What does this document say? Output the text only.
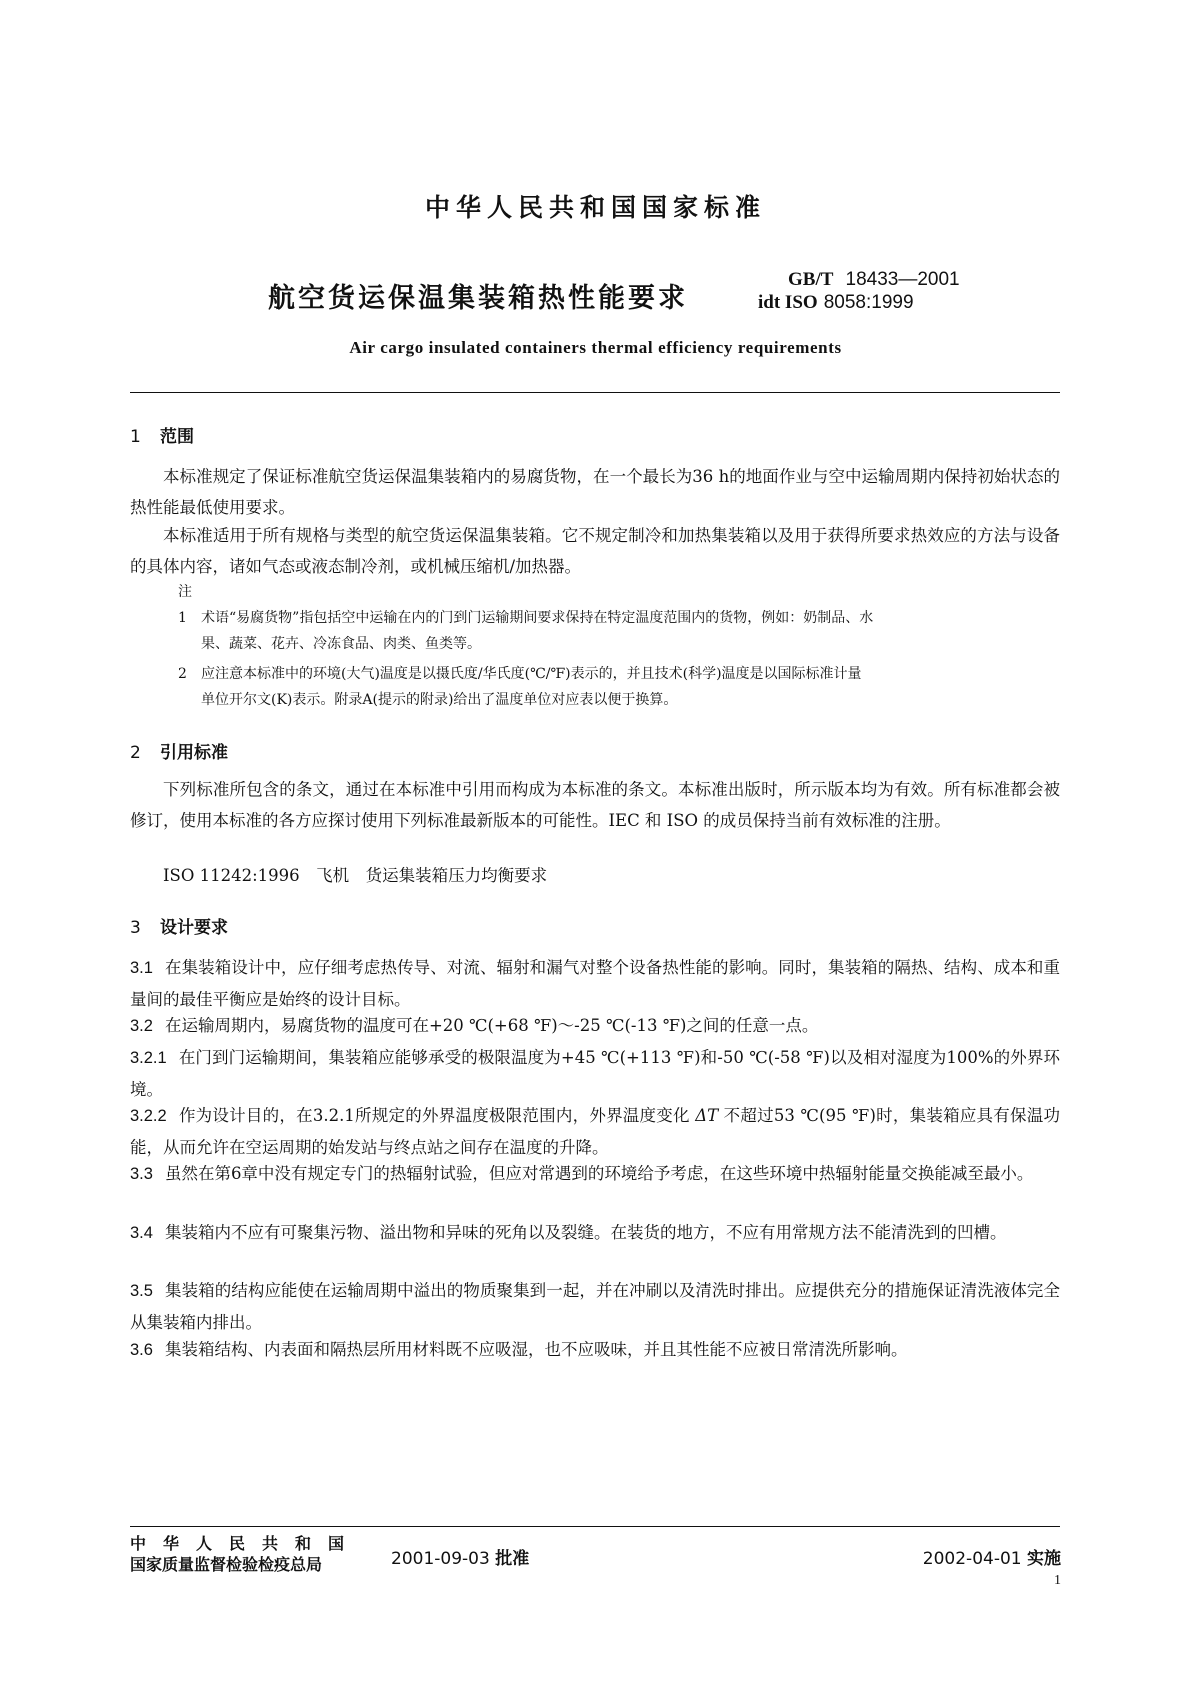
中华人民共和国国家标准
航空货运保温集装箱热性能要求
GB/T 18433—2001
idt ISO 8058:1999
Air cargo insulated containers thermal efficiency requirements
1 范围
本标准规定了保证标准航空货运保温集装箱内的易腐货物，在一个最长为36 h的地面作业与空中运输周期内保持初始状态的热性能最低使用要求。
本标准适用于所有规格与类型的航空货运保温集装箱。它不规定制冷和加热集装箱以及用于获得所要求热效应的方法与设备的具体内容，诸如气态或液态制冷剂，或机械压缩机/加热器。
注
1 术语“易腐货物”指包括空中运输在内的门到门运输期间要求保持在特定温度范围内的货物，例如：奶制品、水
果、蔬菜、花卉、冷冻食品、肉类、鱼类等。
2 应注意本标准中的环境(大气)温度是以摄氏度/华氏度(℃/℉)表示的，并且技术(科学)温度是以国际标准计量
单位开尔文(K)表示。附录A(提示的附录)给出了温度单位对应表以便于换算。
2 引用标准
下列标准所包含的条文，通过在本标准中引用而构成为本标准的条文。本标准出版时，所示版本均为有效。所有标准都会被修订，使用本标准的各方应探讨使用下列标准最新版本的可能性。IEC 和 ISO 的成员保持当前有效标准的注册。
ISO 11242:1996　飞机　货运集装箱压力均衡要求
3 设计要求
3.1 在集装箱设计中，应仔细考虑热传导、对流、辐射和漏气对整个设备热性能的影响。同时，集装箱的隔热、结构、成本和重量间的最佳平衡应是始终的设计目标。
3.2 在运输周期内，易腐货物的温度可在+20 ℃(+68 ℉)～-25 ℃(-13 ℉)之间的任意一点。
3.2.1 在门到门运输期间，集装箱应能够承受的极限温度为+45 ℃(+113 ℉)和-50 ℃(-58 ℉)以及相对湿度为100%的外界环境。
3.2.2 作为设计目的，在3.2.1所规定的外界温度极限范围内，外界温度变化 ΔT 不超过53 ℃(95 ℉)时，集装箱应具有保温功能，从而允许在空运周期的始发站与终点站之间存在温度的升降。
3.3 虽然在第6章中没有规定专门的热辐射试验，但应对常遇到的环境给予考虑，在这些环境中热辐射能量交换能减至最小。
3.4 集装箱内不应有可聚集污物、溢出物和异味的死角以及裂缝。在装货的地方，不应有用常规方法不能清洗到的凹槽。
3.5 集装箱的结构应能使在运输周期中溢出的物质聚集到一起，并在冲刷以及清洗时排出。应提供充分的措施保证清洗液体完全从集装箱内排出。
3.6 集装箱结构、内表面和隔热层所用材料既不应吸湿，也不应吸味，并且其性能不应被日常清洗所影响。
中华人民共和国
国家质量监督检验检疫总局	2001-09-03 批准	2002-04-01 实施
1
